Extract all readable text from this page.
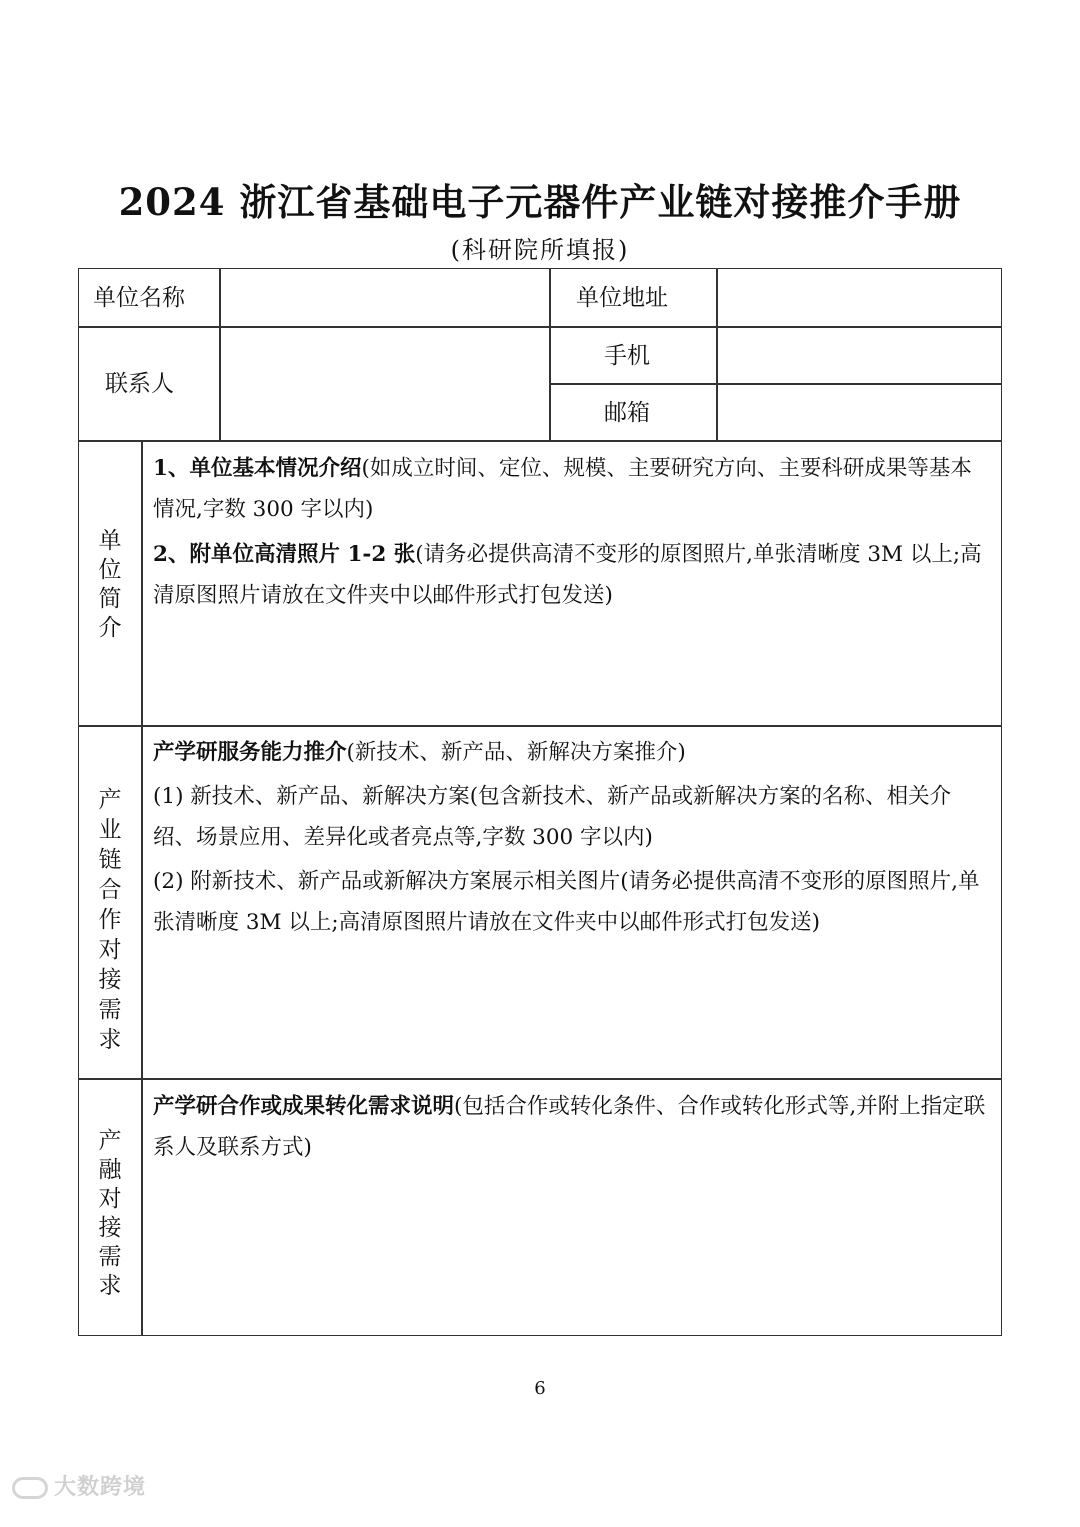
2024 浙江省基础电子元器件产业链对接推介手册
(科研院所填报)
单位名称	单位地址
联系人
手机
邮箱
单位简介
产业链合作对接需求
产融对接需求
1、单位基本情况介绍(如成立时间、定位、规模、主要研究方向、主要科研成果等基本情况,字数 300 字以内)
2、附单位高清照片 1-2 张(请务必提供高清不变形的原图照片,单张清晰度 3M 以上;高清原图照片请放在文件夹中以邮件形式打包发送)
产学研服务能力推介(新技术、新产品、新解决方案推介)
(1) 新技术、新产品、新解决方案(包含新技术、新产品或新解决方案的名称、相关介绍、场景应用、差异化或者亮点等,字数 300 字以内)
(2) 附新技术、新产品或新解决方案展示相关图片(请务必提供高清不变形的原图照片,单张清晰度 3M 以上;高清原图照片请放在文件夹中以邮件形式打包发送)
产学研合作或成果转化需求说明(包括合作或转化条件、合作或转化形式等,并附上指定联系人及联系方式)
6
大数跨境
